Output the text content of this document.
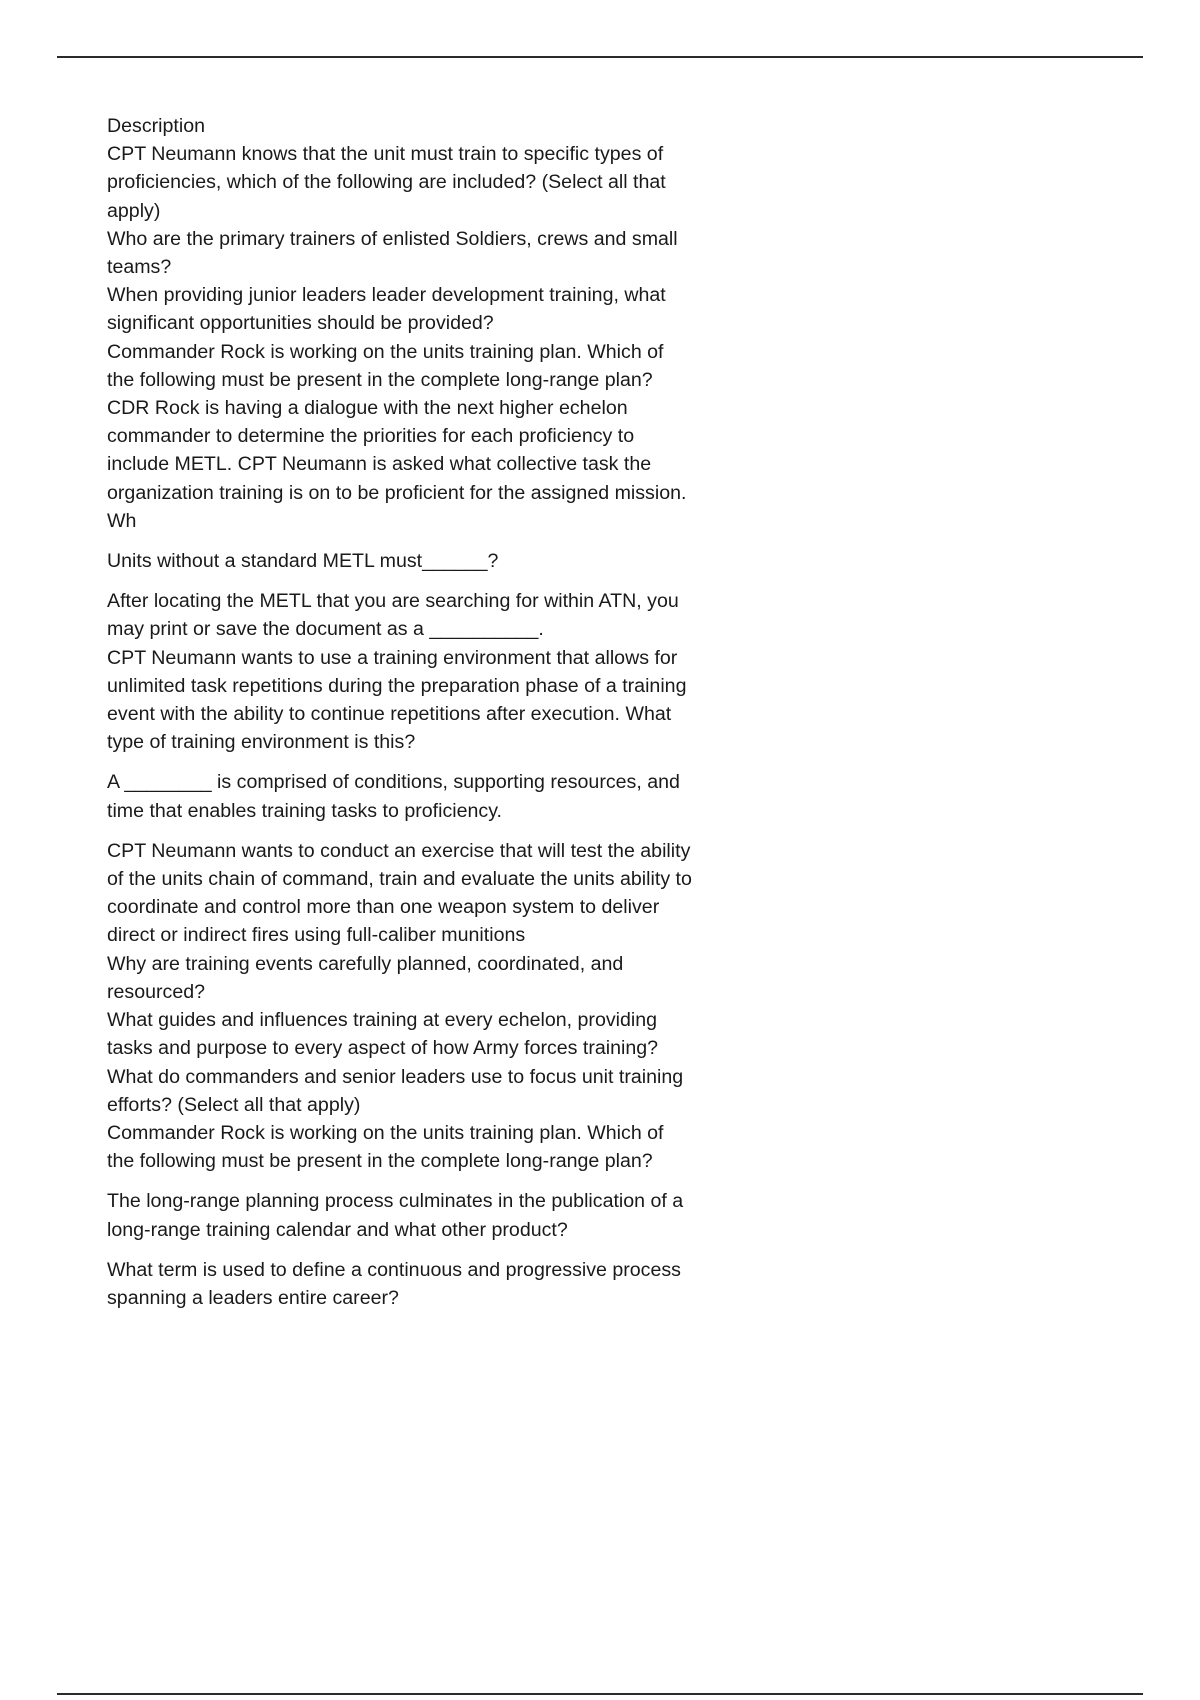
Description

CPT Neumann knows that the unit must train to specific types of proficiencies, which of the following are included? (Select all that apply)

Who are the primary trainers of enlisted Soldiers, crews and small teams?

When providing junior leaders leader development training, what significant opportunities should be provided?

Commander Rock is working on the units training plan. Which of the following must be present in the complete long-range plan?

CDR Rock is having a dialogue with the next higher echelon commander to determine the priorities for each proficiency to include METL. CPT Neumann is asked what collective task the organization training is on to be proficient for the assigned mission. Wh

Units without a standard METL must______?

After locating the METL that you are searching for within ATN, you may print or save the document as a __________.

CPT Neumann wants to use a training environment that allows for unlimited task repetitions during the preparation phase of a training event with the ability to continue repetitions after execution. What type of training environment is this?

A ________ is comprised of conditions, supporting resources, and time that enables training tasks to proficiency.

CPT Neumann wants to conduct an exercise that will test the ability of the units chain of command, train and evaluate the units ability to coordinate and control more than one weapon system to deliver direct or indirect fires using full-caliber munitions

Why are training events carefully planned, coordinated, and resourced?

What guides and influences training at every echelon, providing tasks and purpose to every aspect of how Army forces training?

What do commanders and senior leaders use to focus unit training efforts? (Select all that apply)

Commander Rock is working on the units training plan. Which of the following must be present in the complete long-range plan?

The long-range planning process culminates in the publication of a long-range training calendar and what other product?

What term is used to define a continuous and progressive process spanning a leaders entire career?
